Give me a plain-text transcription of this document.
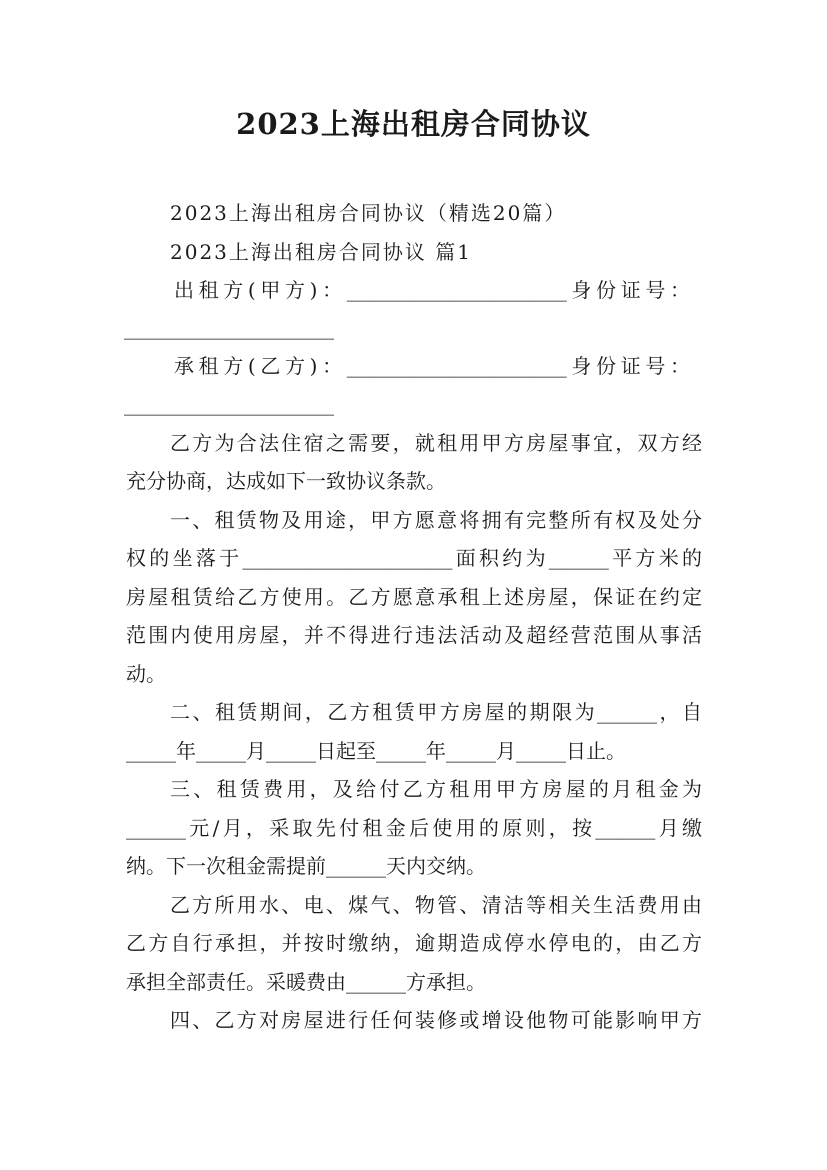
2023上海出租房合同协议
2023上海出租房合同协议（精选20篇）
2023上海出租房合同协议 篇1
出租方(甲方)：______________________身份证号：
_____________________
承租方(乙方)：______________________身份证号：
_____________________
乙方为合法住宿之需要，就租用甲方房屋事宜，双方经
充分协商，达成如下一致协议条款。
一、租赁物及用途，甲方愿意将拥有完整所有权及处分
权的坐落于_____________________面积约为______平方米的
房屋租赁给乙方使用。乙方愿意承租上述房屋，保证在约定
范围内使用房屋，并不得进行违法活动及超经营范围从事活
动。
二、租赁期间，乙方租赁甲方房屋的期限为______，自
_____年_____月_____日起至_____年_____月_____日止。
三、租赁费用，及给付乙方租用甲方房屋的月租金为
______元/月，采取先付租金后使用的原则，按______月缴
纳。下一次租金需提前______天内交纳。
乙方所用水、电、煤气、物管、清洁等相关生活费用由
乙方自行承担，并按时缴纳，逾期造成停水停电的，由乙方
承担全部责任。采暖费由______方承担。
四、乙方对房屋进行任何装修或增设他物可能影响甲方
